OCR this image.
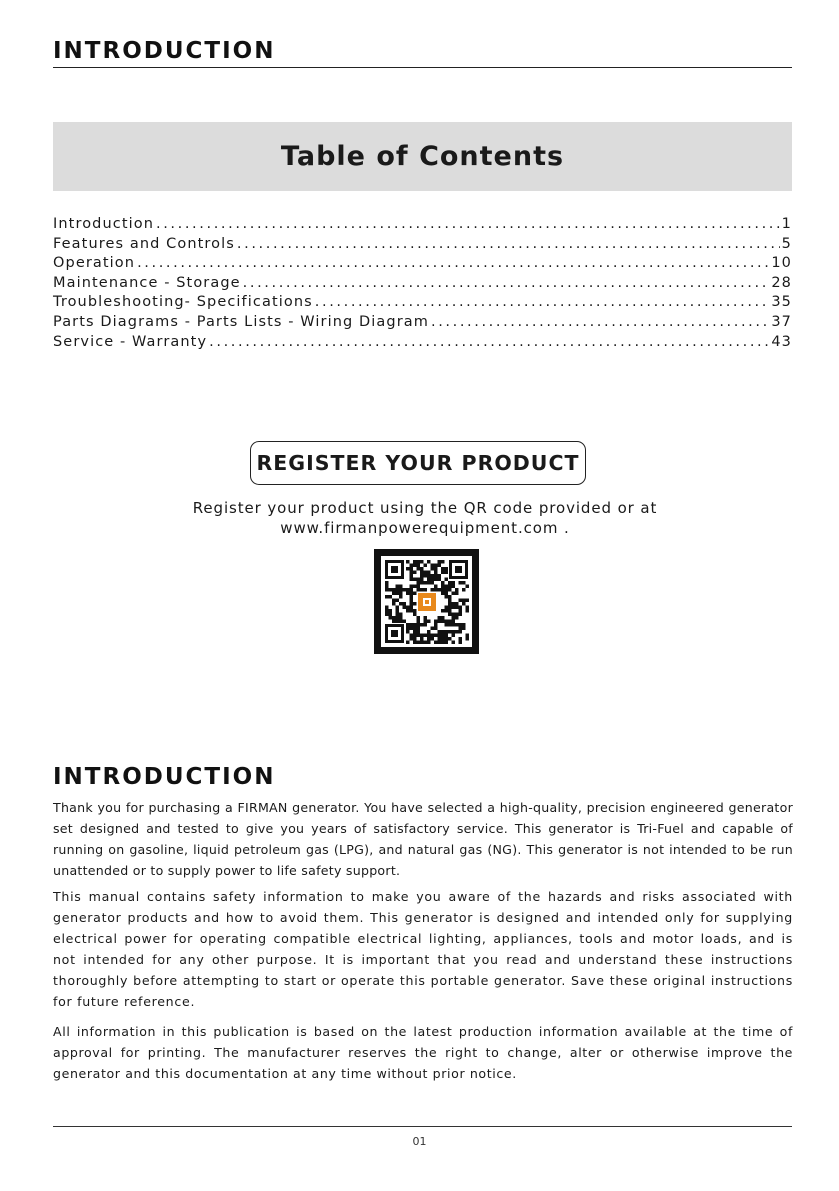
INTRODUCTION
Table of Contents
Introduction .....	1
Features and Controls .....	5
Operation .....	10
Maintenance - Storage .....	28
Troubleshooting- Specifications .....	35
Parts Diagrams - Parts Lists - Wiring Diagram .....	37
Service - Warranty .....	43
REGISTER YOUR PRODUCT

Register your product using the QR code provided or at

www.firmanpowerequipment.com .

INTRODUCTION

Thank you for purchasing a FIRMAN generator. You have selected a high-quality, precision engineered generator set designed and tested to give you years of satisfactory service. This generator is Tri-Fuel and capable of running on gasoline, liquid petroleum gas (LPG), and natural gas (NG). This generator is not intended to be run unattended or to supply power to life safety support.

This manual contains safety information to make you aware of the hazards and risks associated with generator products and how to avoid them. This generator is designed and intended only for supplying electrical power for operating compatible electrical lighting, appliances, tools and motor loads, and is not intended for any other purpose. It is important that you read and understand these instructions thoroughly before attempting to start or operate this portable generator. Save these original instructions for future reference.

All information in this publication is based on the latest production information available at the time of approval for printing. The manufacturer reserves the right to change, alter or otherwise improve the generator and this documentation at any time without prior notice.

01
